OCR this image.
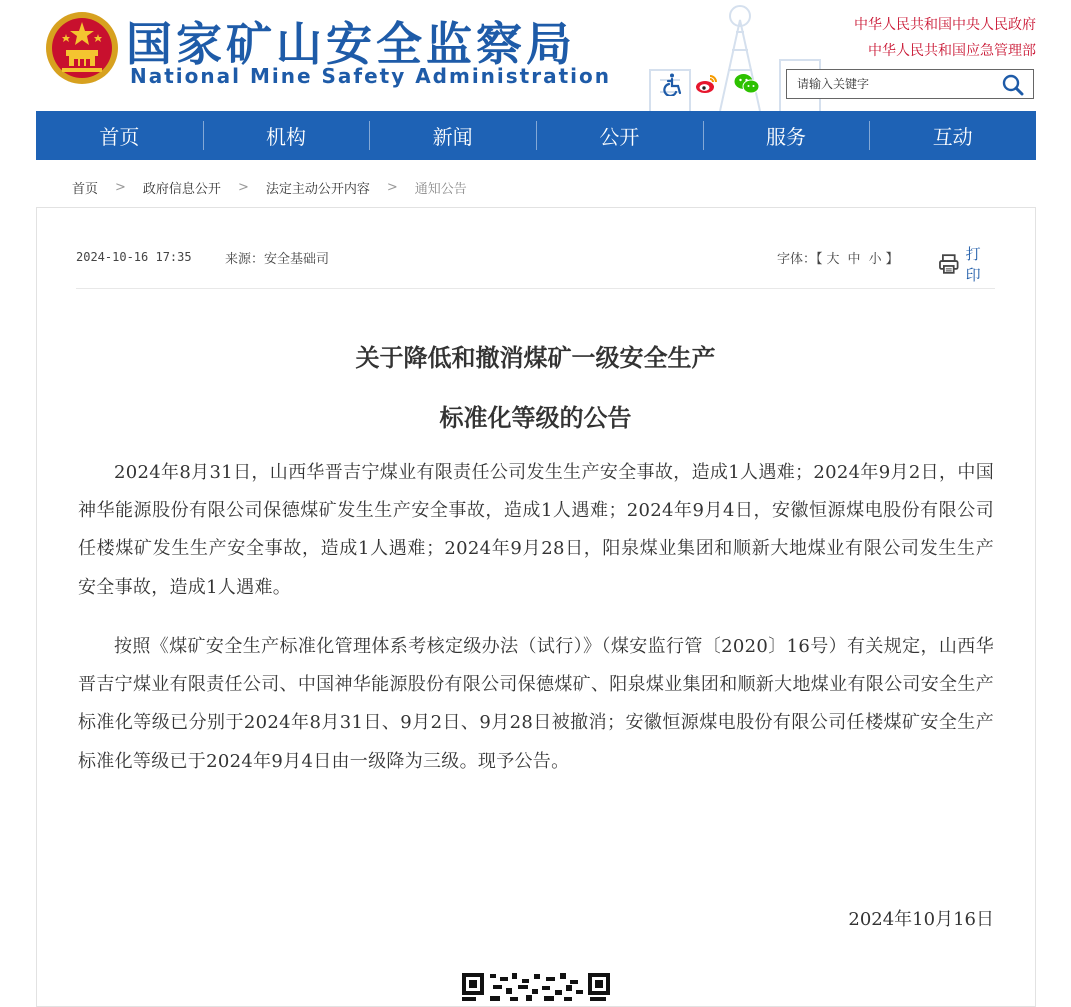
国家矿山安全监察局
National Mine Safety Administration
中华人民共和国中央人民政府
中华人民共和国应急管理部
请输入关键字
首页	机构	新闻	公开	服务	互动
首页 > 政府信息公开 > 法定主动公开内容 > 通知公告
2024-10-16 17:35	来源：安全基础司	字体：【 大 中 小 】	打印
关于降低和撤消煤矿一级安全生产
标准化等级的公告

2024年8月31日，山西华晋吉宁煤业有限责任公司发生生产安全事故，造成1人遇难；2024年9月2日，中国神华能源股份有限公司保德煤矿发生生产安全事故，造成1人遇难；2024年9月4日，安徽恒源煤电股份有限公司任楼煤矿发生生产安全事故，造成1人遇难；2024年9月28日，阳泉煤业集团和顺新大地煤业有限公司发生生产安全事故，造成1人遇难。

按照《煤矿安全生产标准化管理体系考核定级办法（试行）》（煤安监行管〔2020〕16号）有关规定，山西华晋吉宁煤业有限责任公司、中国神华能源股份有限公司保德煤矿、阳泉煤业集团和顺新大地煤业有限公司安全生产标准化等级已分别于2024年8月31日、9月2日、9月28日被撤消；安徽恒源煤电股份有限公司任楼煤矿安全生产标准化等级已于2024年9月4日由一级降为三级。现予公告。

2024年10月16日
